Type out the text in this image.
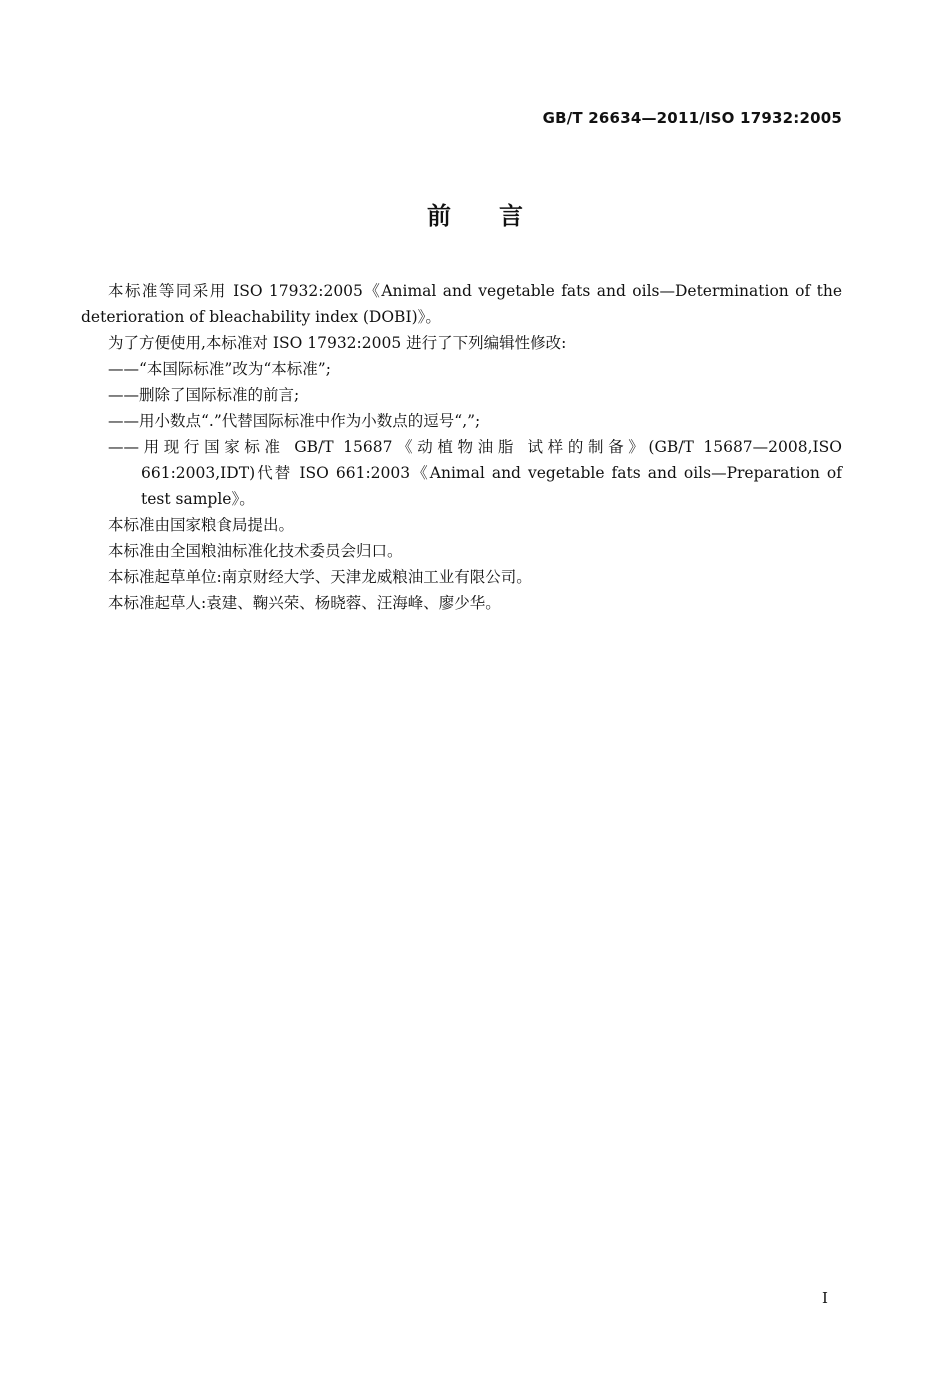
GB/T 26634—2011/ISO 17932:2005
前言

本标准等同采用 ISO 17932:2005《Animal and vegetable fats and oils—Determination of the deterioration of bleachability index (DOBI)》。

为了方便使用,本标准对 ISO 17932:2005 进行了下列编辑性修改:

——“本国际标准”改为“本标准”;

——删除了国际标准的前言;

——用小数点“.”代替国际标准中作为小数点的逗号“,”;

——用现行国家标准 GB/T 15687《动植物油脂 试样的制备》(GB/T 15687—2008,ISO 661:2003,IDT)代替 ISO 661:2003《Animal and vegetable fats and oils—Preparation of test sample》。

本标准由国家粮食局提出。

本标准由全国粮油标准化技术委员会归口。

本标准起草单位:南京财经大学、天津龙威粮油工业有限公司。

本标准起草人:袁建、鞠兴荣、杨晓蓉、汪海峰、廖少华。

I
